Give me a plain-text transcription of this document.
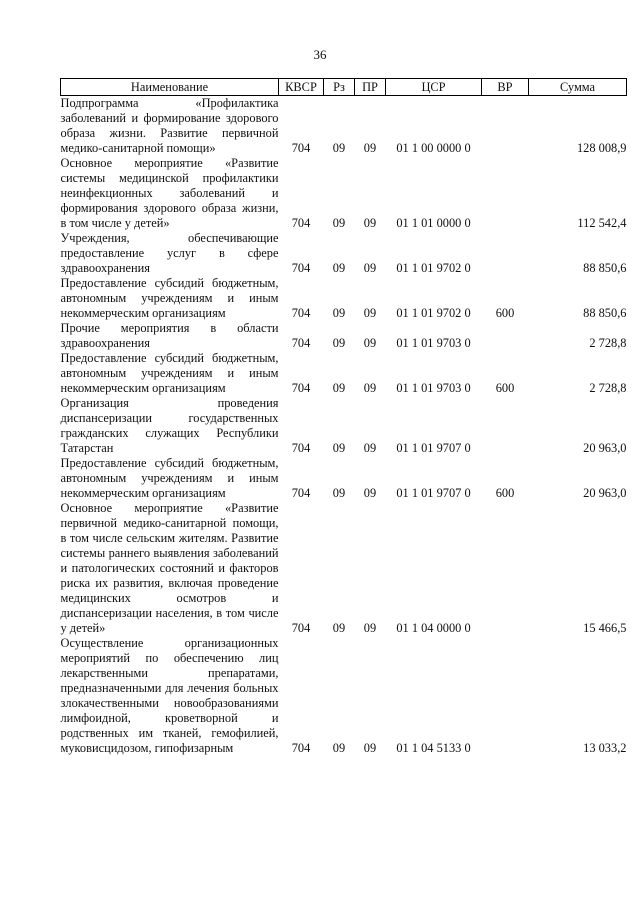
36
Наименование	КВСР	Рз	ПР	ЦСР	ВР	Сумма
Подпрограмма «Профилактика заболеваний и формирование здорового образа жизни. Развитие первичной медико-санитарной помощи»	704	09	09	01 1 00 0000 0		128 008,9
Основное мероприятие «Развитие системы медицинской профилактики неинфекционных заболеваний и формирования здорового образа жизни, в том числе у детей»	704	09	09	01 1 01 0000 0		112 542,4
Учреждения, обеспечивающие предоставление услуг в сфере здравоохранения	704	09	09	01 1 01 9702 0		88 850,6
Предоставление субсидий бюджетным, автономным учреждениям и иным некоммерческим организациям	704	09	09	01 1 01 9702 0	600	88 850,6
Прочие мероприятия в области здравоохранения	704	09	09	01 1 01 9703 0		2 728,8
Предоставление субсидий бюджетным, автономным учреждениям и иным некоммерческим организациям	704	09	09	01 1 01 9703 0	600	2 728,8
Организация проведения диспансеризации государственных гражданских служащих Республики Татарстан	704	09	09	01 1 01 9707 0		20 963,0
Предоставление субсидий бюджетным, автономным учреждениям и иным некоммерческим организациям	704	09	09	01 1 01 9707 0	600	20 963,0
Основное мероприятие «Развитие первичной медико-санитарной помощи, в том числе сельским жителям. Развитие системы раннего выявления заболеваний и патологических состояний и факторов риска их развития, включая проведение медицинских осмотров и диспансеризации населения, в том числе у детей»	704	09	09	01 1 04 0000 0		15 466,5
Осуществление организационных мероприятий по обеспечению лиц лекарственными препаратами, предназначенными для лечения больных злокачественными новообразованиями лимфоидной, кроветворной и родственных им тканей, гемофилией, муковисцидозом, гипофизарным	704	09	09	01 1 04 5133 0		13 033,2
